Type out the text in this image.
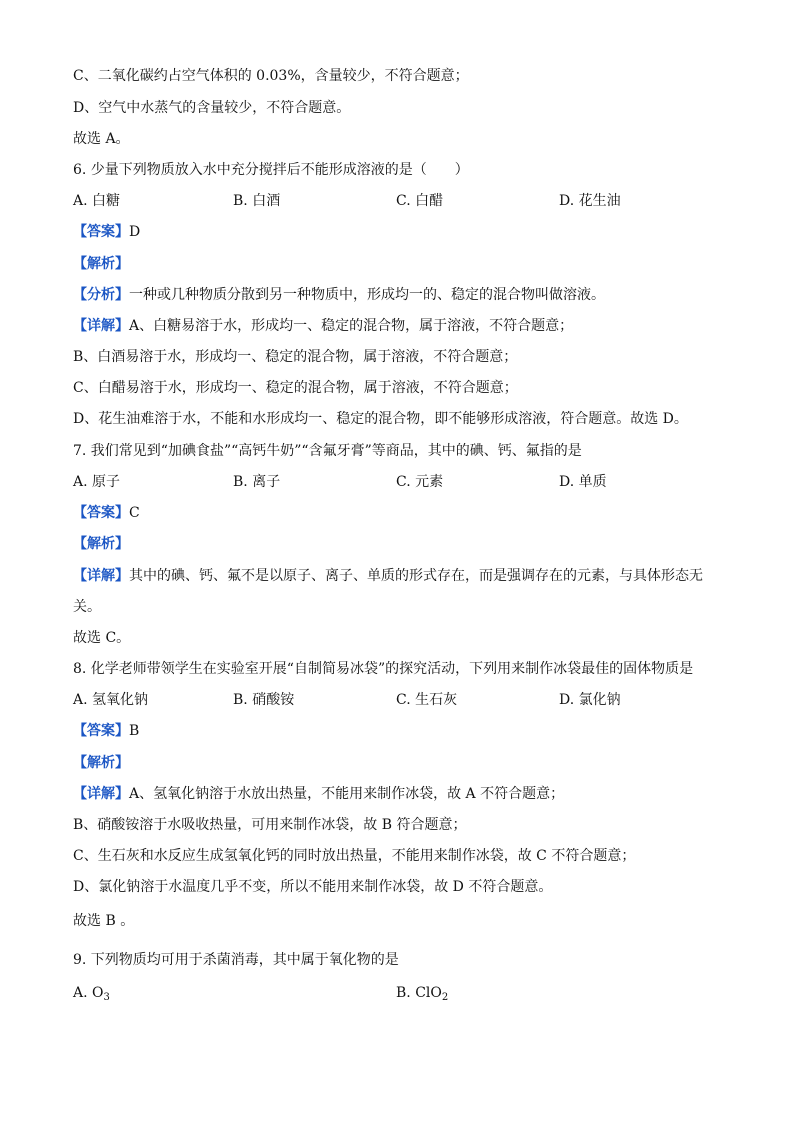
C、二氧化碳约占空气体积的 0.03%，含量较少，不符合题意；
D、空气中水蒸气的含量较少，不符合题意。
故选 A。
6. 少量下列物质放入水中充分搅拌后不能形成溶液的是（　　）
A. 白糖	B. 白酒	C. 白醋	D. 花生油
【答案】D
【解析】
【分析】一种或几种物质分散到另一种物质中，形成均一的、稳定的混合物叫做溶液。
【详解】A、白糖易溶于水，形成均一、稳定的混合物，属于溶液，不符合题意；
B、白酒易溶于水，形成均一、稳定的混合物，属于溶液，不符合题意；
C、白醋易溶于水，形成均一、稳定的混合物，属于溶液，不符合题意；
D、花生油难溶于水，不能和水形成均一、稳定的混合物，即不能够形成溶液，符合题意。故选 D。
7. 我们常见到“加碘食盐”“高钙牛奶”“含氟牙膏”等商品，其中的碘、钙、氟指的是
A. 原子	B. 离子	C. 元素	D. 单质
【答案】C
【解析】
【详解】其中的碘、钙、氟不是以原子、离子、单质的形式存在，而是强调存在的元素，与具体形态无
关。
故选 C。
8. 化学老师带领学生在实验室开展“自制简易冰袋”的探究活动，下列用来制作冰袋最佳的固体物质是
A. 氢氧化钠	B. 硝酸铵	C. 生石灰	D. 氯化钠
【答案】B
【解析】
【详解】A、氢氧化钠溶于水放出热量，不能用来制作冰袋，故 A 不符合题意；
B、硝酸铵溶于水吸收热量，可用来制作冰袋，故 B 符合题意；
C、生石灰和水反应生成氢氧化钙的同时放出热量，不能用来制作冰袋，故 C 不符合题意；
D、氯化钠溶于水温度几乎不变，所以不能用来制作冰袋，故 D 不符合题意。
故选 B 。
9. 下列物质均可用于杀菌消毒，其中属于氧化物的是
A. $O_3$	B. ClO$_2$
